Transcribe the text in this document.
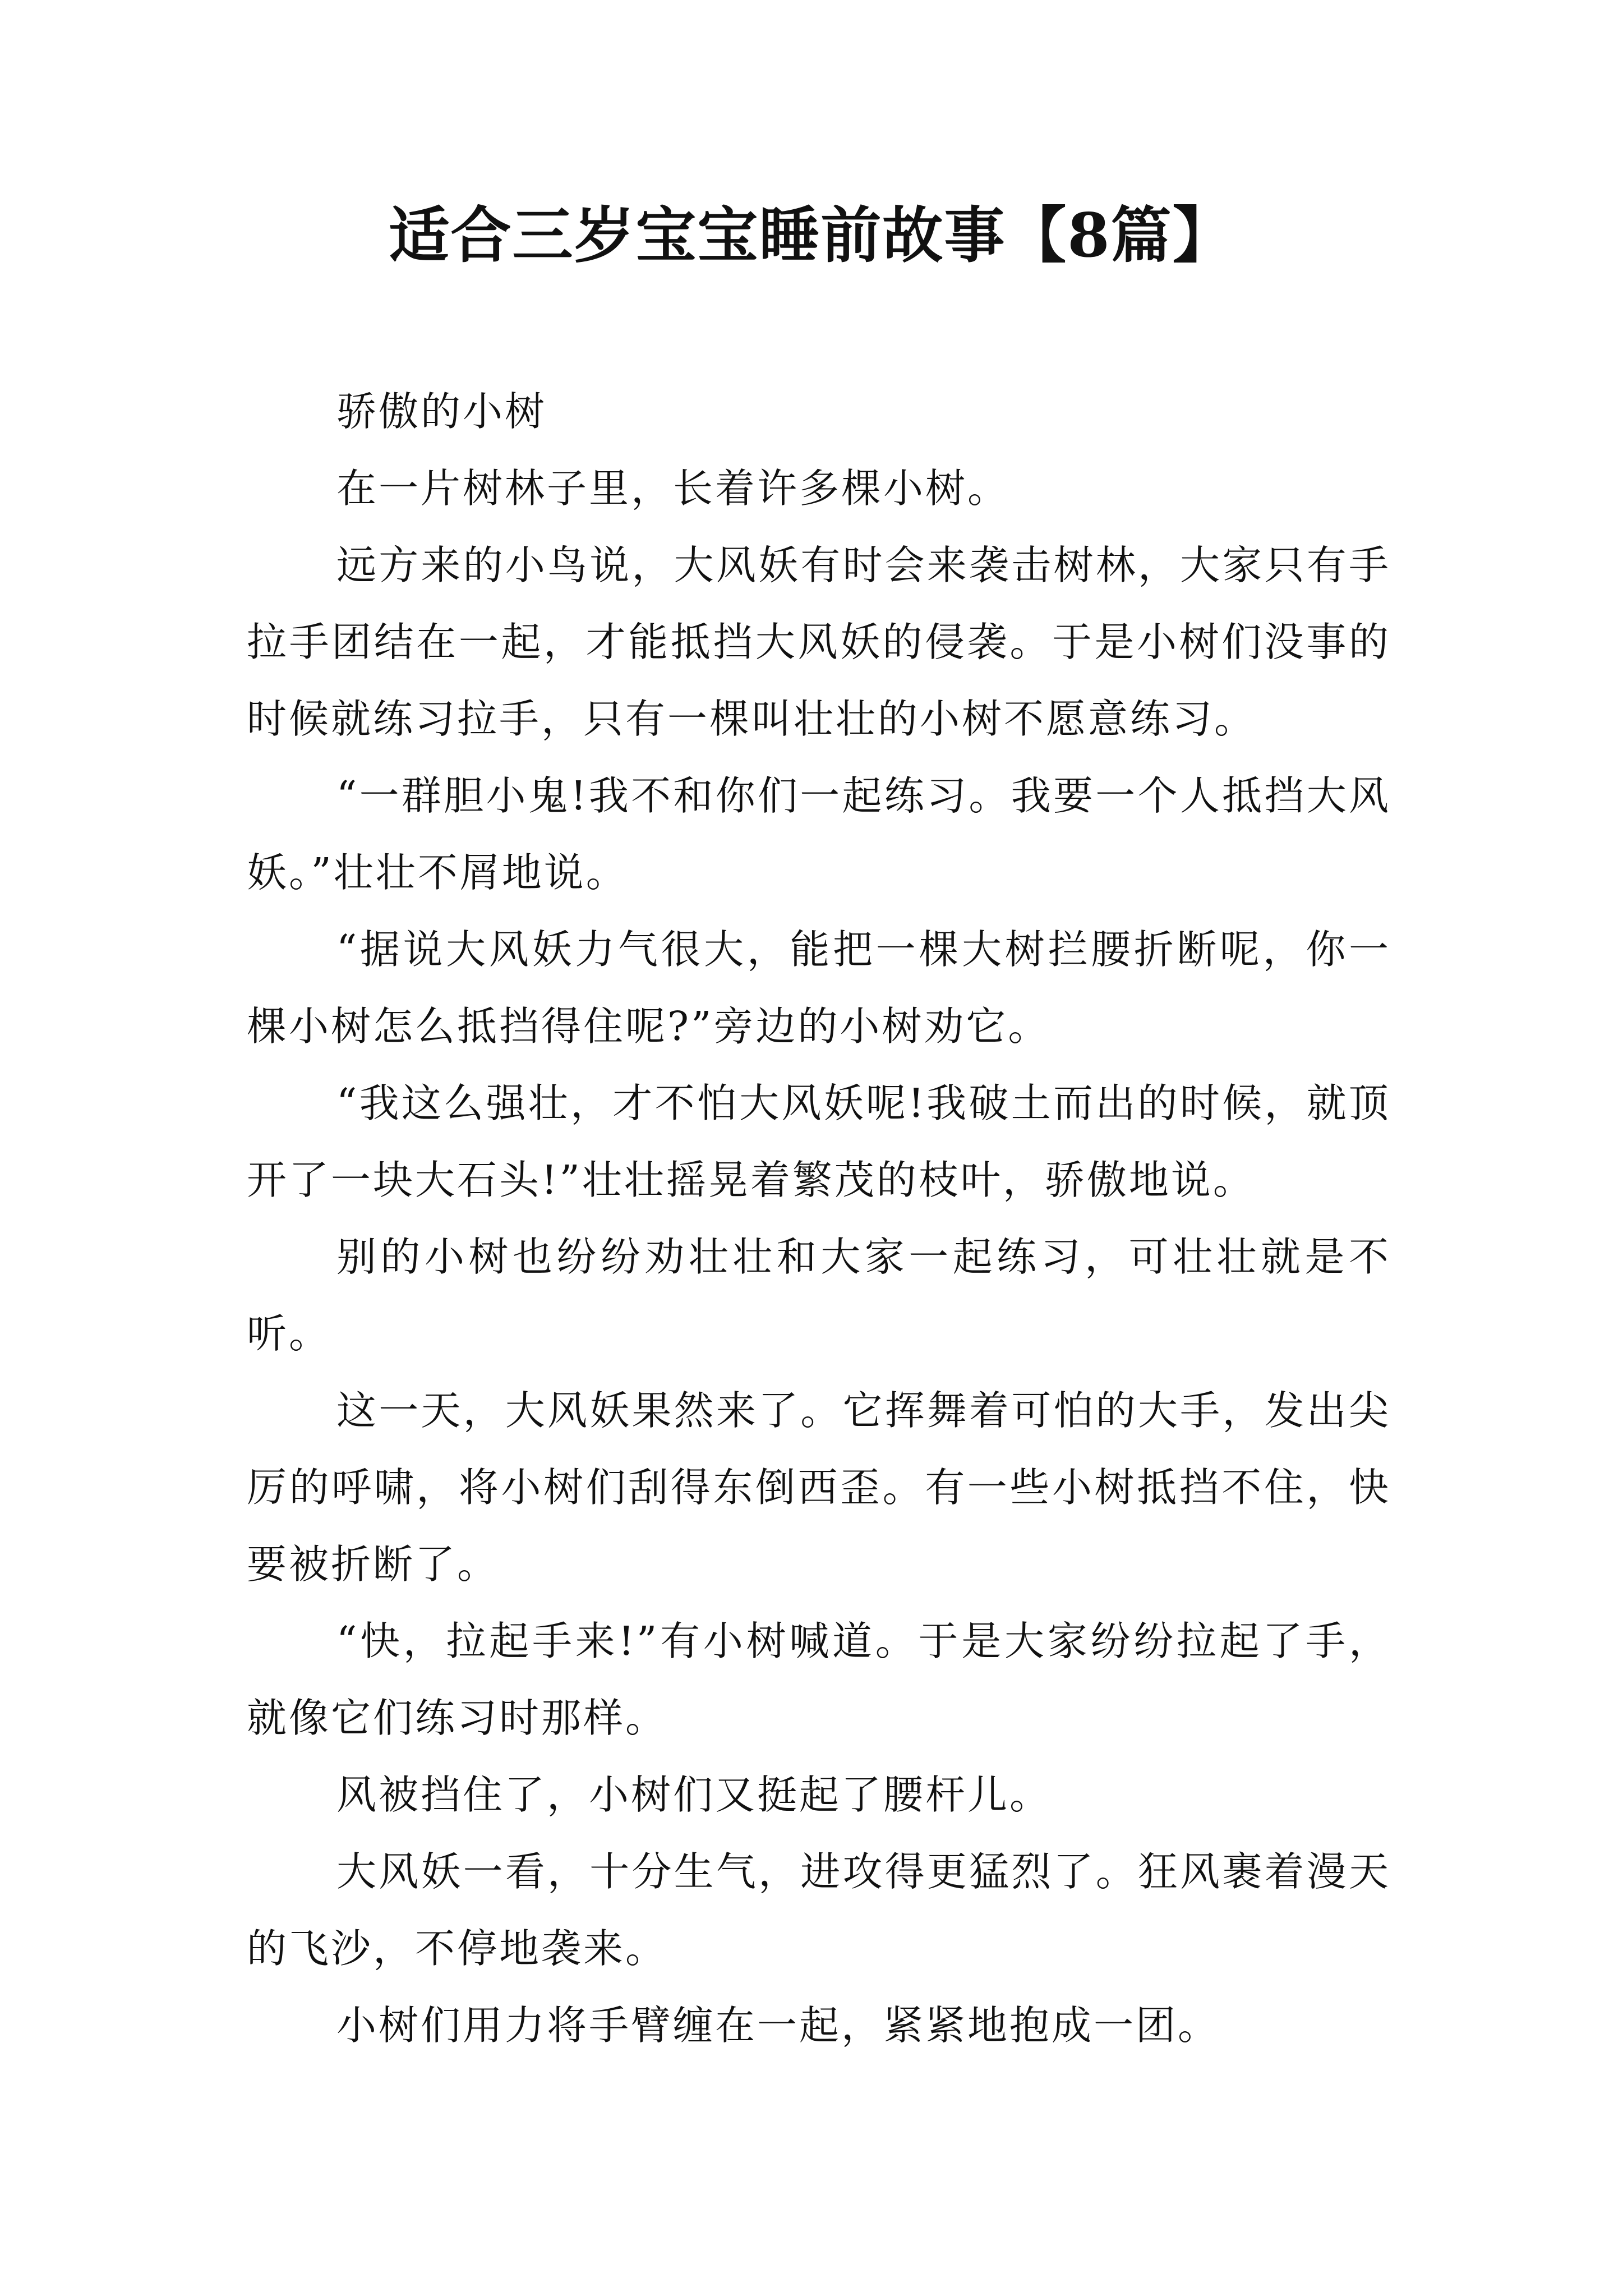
适合三岁宝宝睡前故事【8篇】

骄傲的小树

在一片树林子里，长着许多棵小树。

远方来的小鸟说，大风妖有时会来袭击树林，大家只有手拉手团结在一起，才能抵挡大风妖的侵袭。于是小树们没事的时候就练习拉手，只有一棵叫壮壮的小树不愿意练习。

“一群胆小鬼!我不和你们一起练习。我要一个人抵挡大风妖。”壮壮不屑地说。

“据说大风妖力气很大，能把一棵大树拦腰折断呢，你一棵小树怎么抵挡得住呢?”旁边的小树劝它。

“我这么强壮，才不怕大风妖呢!我破土而出的时候，就顶开了一块大石头!”壮壮摇晃着繁茂的枝叶，骄傲地说。

别的小树也纷纷劝壮壮和大家一起练习，可壮壮就是不听。

这一天，大风妖果然来了。它挥舞着可怕的大手，发出尖厉的呼啸，将小树们刮得东倒西歪。有一些小树抵挡不住，快要被折断了。

“快，拉起手来!”有小树喊道。于是大家纷纷拉起了手，就像它们练习时那样。

风被挡住了，小树们又挺起了腰杆儿。

大风妖一看，十分生气，进攻得更猛烈了。狂风裹着漫天的飞沙，不停地袭来。

小树们用力将手臂缠在一起，紧紧地抱成一团。
